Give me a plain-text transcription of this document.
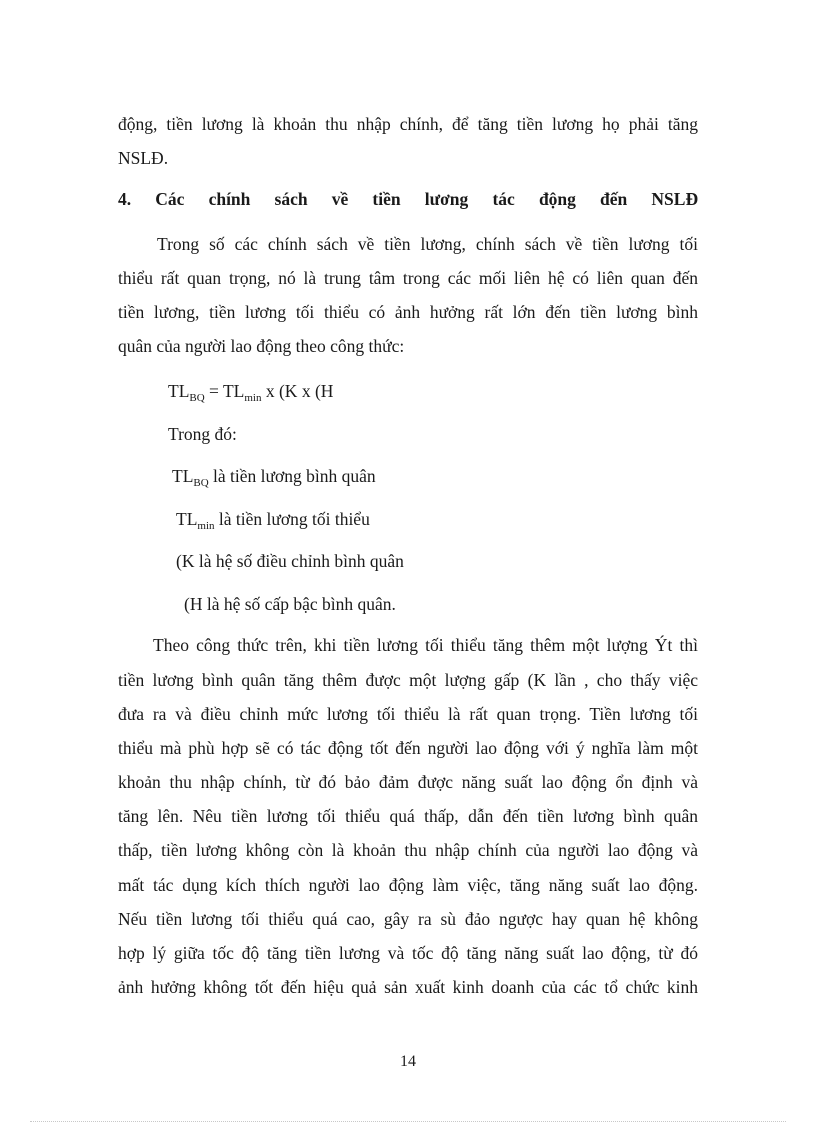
động, tiền lương là khoản thu nhập chính, để tăng tiền lương họ phải tăng
NSLĐ.
4. Các chính sách về tiền lương tác động đến NSLĐ
Trong số các chính sách về tiền lương, chính sách về tiền lương tối
thiểu rất quan trọng, nó là trung tâm trong các mối liên hệ có liên quan đến
tiền lương, tiền lương tối thiểu có ảnh hưởng rất lớn đến tiền lương bình
quân của người lao động theo công thức:
$TL_{BQ} = TL_{min}$ x (K x (H
Trong đó:
$TL_{BQ}$ là tiền lương bình quân
$TL_{min}$ là tiền lương tối thiểu
(K là hệ số điều chỉnh bình quân
(H là hệ số cấp bậc bình quân.
Theo công thức trên, khi tiền lương tối thiểu tăng thêm một lượng Ýt thì
tiền lương bình quân tăng thêm được một lượng gấp (K lần , cho thấy việc
đưa ra và điều chỉnh mức lương tối thiểu là rất quan trọng. Tiền lương tối
thiểu mà phù hợp sẽ có tác động tốt đến người lao động với ý nghĩa làm một
khoản thu nhập chính, từ đó bảo đảm được năng suất lao động ổn định và
tăng lên. Nêu tiền lương tối thiểu quá thấp, dẫn đến tiền lương bình quân
thấp, tiền lương không còn là khoản thu nhập chính của người lao động và
mất tác dụng kích thích người lao động làm việc, tăng năng suất lao động.
Nếu tiền lương tối thiểu quá cao, gây ra sù đảo ngược hay quan hệ không
hợp lý giữa tốc độ tăng tiền lương và tốc độ tăng năng suất lao động, từ đó
ảnh hưởng không tốt đến hiệu quả sản xuất kinh doanh của các tổ chức kinh
14
